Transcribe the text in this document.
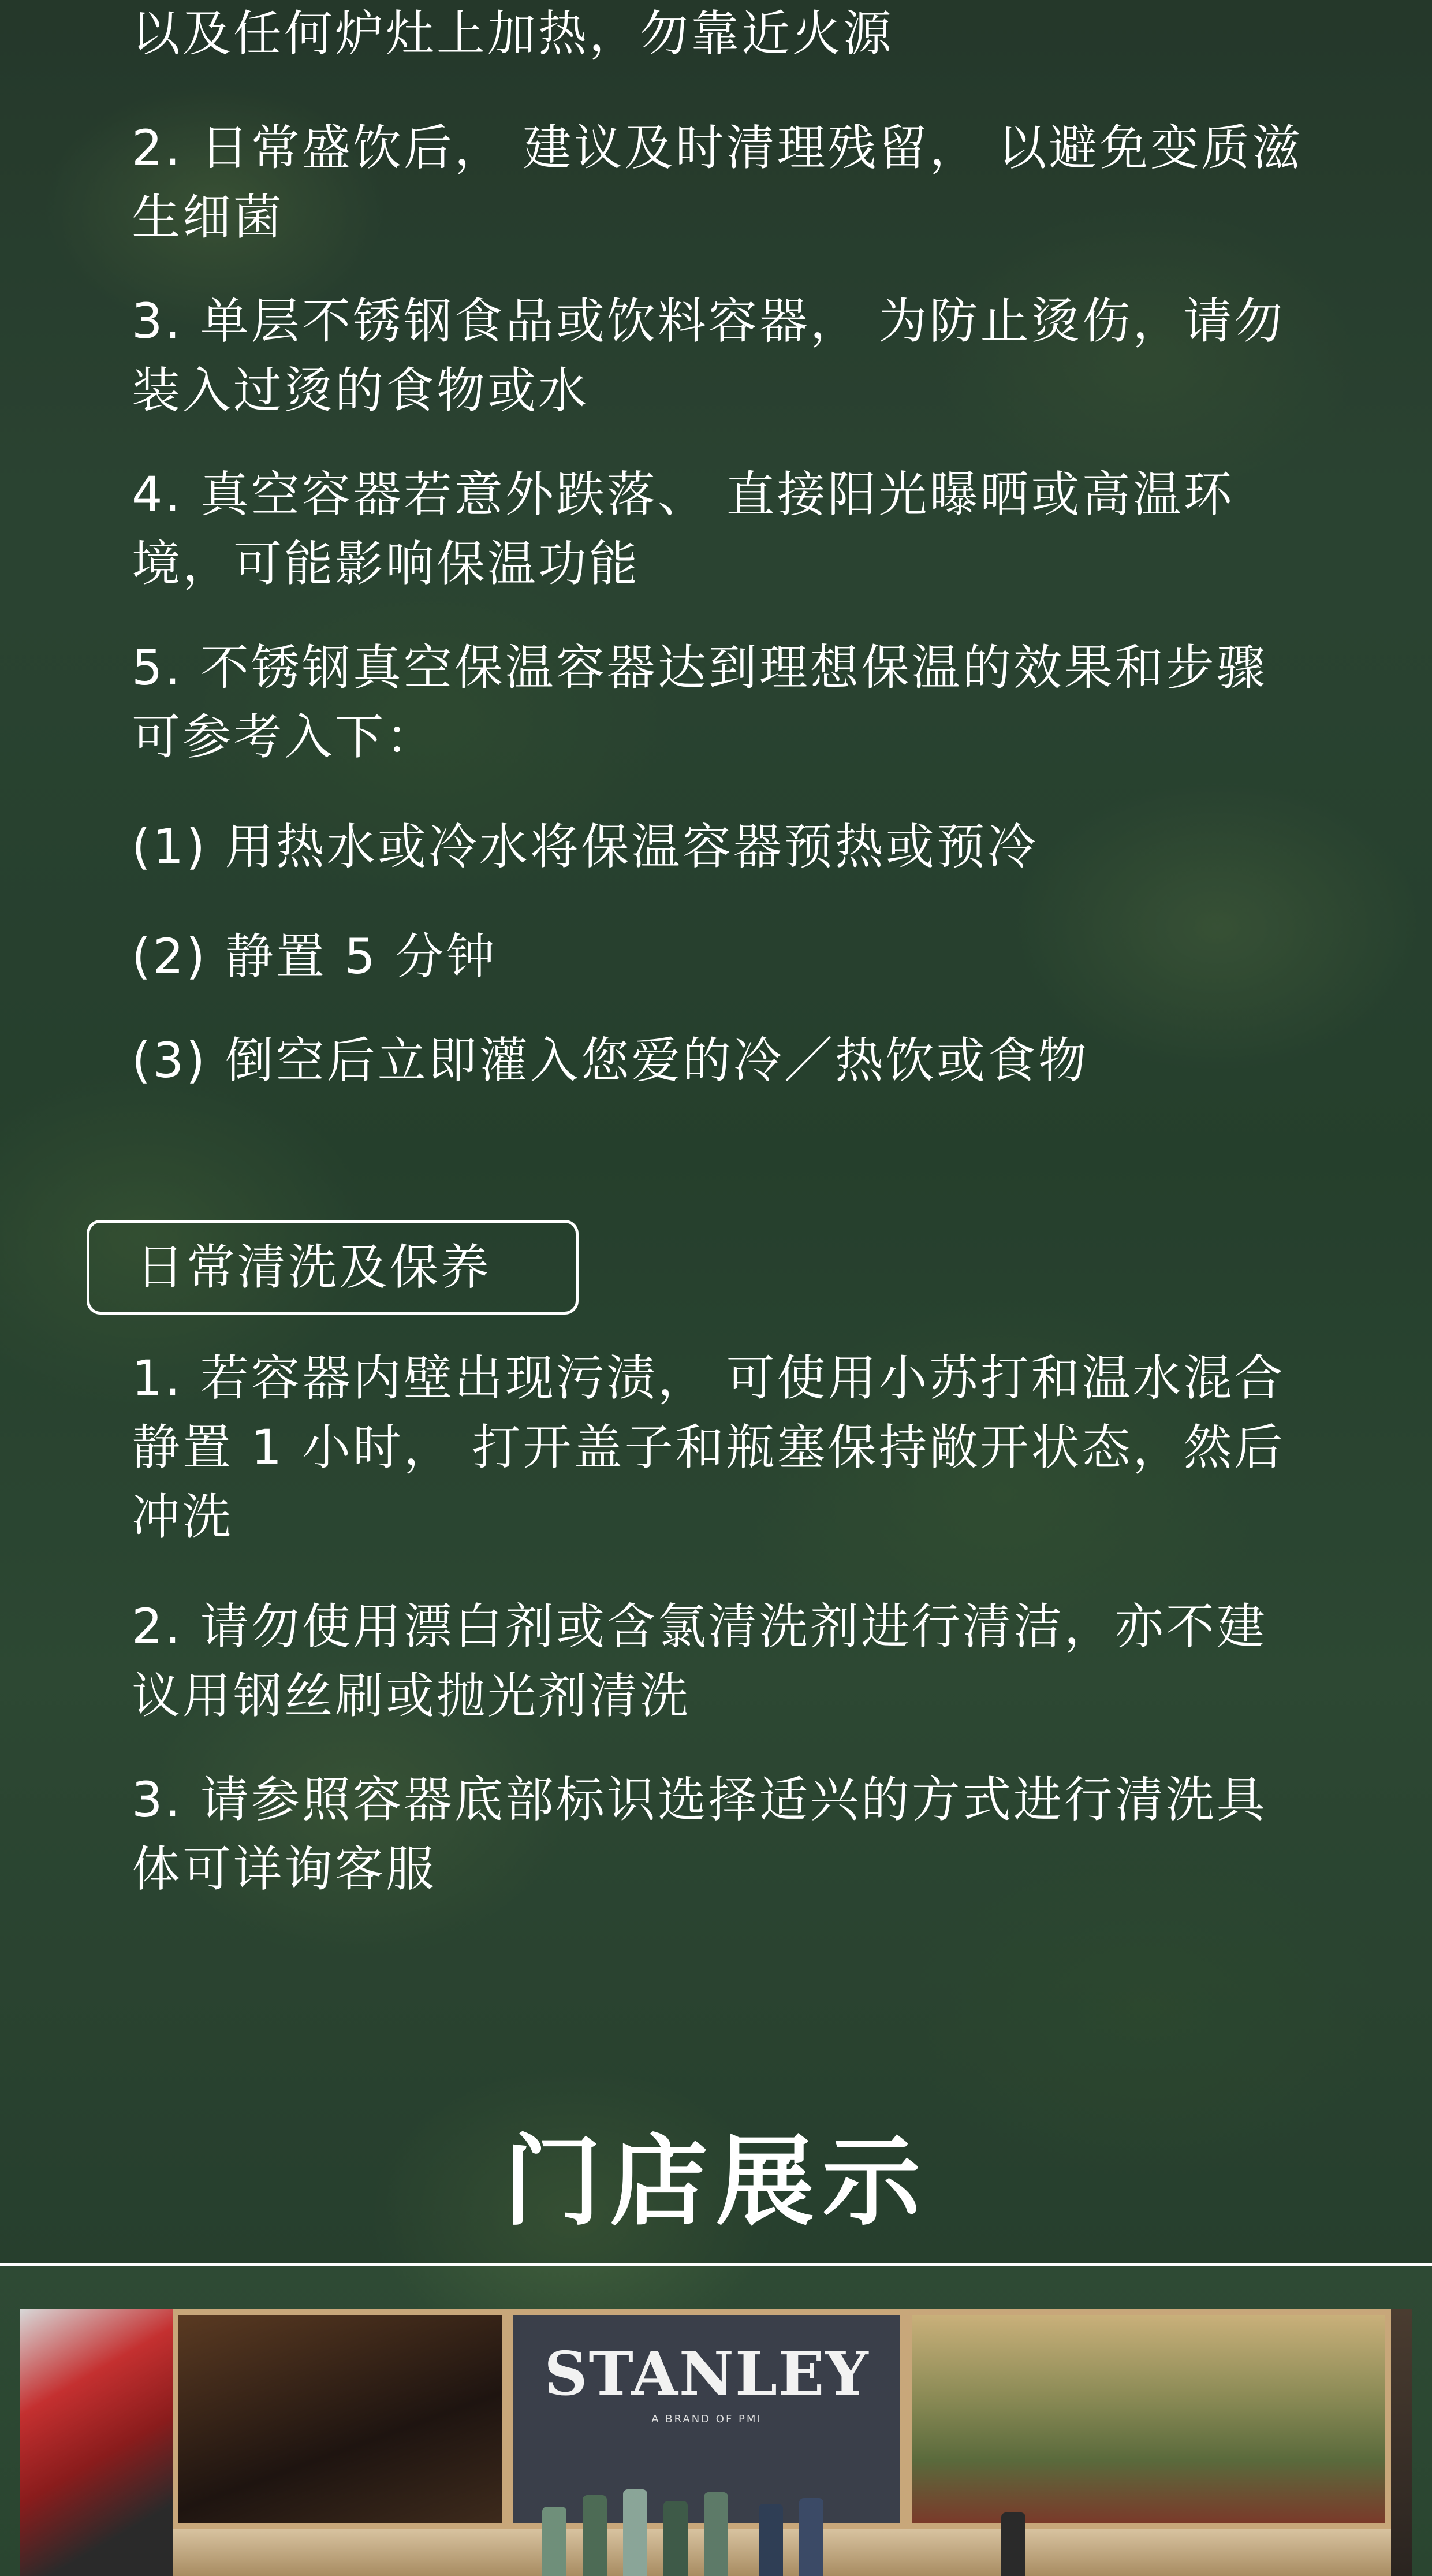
以及任何炉灶上加热，勿靠近火源
2. 日常盛饮后， 建议及时清理残留， 以避免变质滋生细菌
3. 单层不锈钢食品或饮料容器， 为防止烫伤，请勿装入过烫的食物或水
4. 真空容器若意外跌落、 直接阳光曝晒或高温环境，可能影响保温功能
5. 不锈钢真空保温容器达到理想保温的效果和步骤可参考入下：
(1) 用热水或冷水将保温容器预热或预冷
(2) 静置 5 分钟
(3) 倒空后立即灌入您爱的冷／热饮或食物
日常清洗及保养
1. 若容器内壁出现污渍， 可使用小苏打和温水混合静置 1 小时， 打开盖子和瓶塞保持敞开状态，然后冲洗
2. 请勿使用漂白剂或含氯清洗剂进行清洁，亦不建议用钢丝刷或抛光剂清洗
3. 请参照容器底部标识选择适兴的方式进行清洗具体可详询客服
门店展示
STANLEY
A BRAND OF PMI
